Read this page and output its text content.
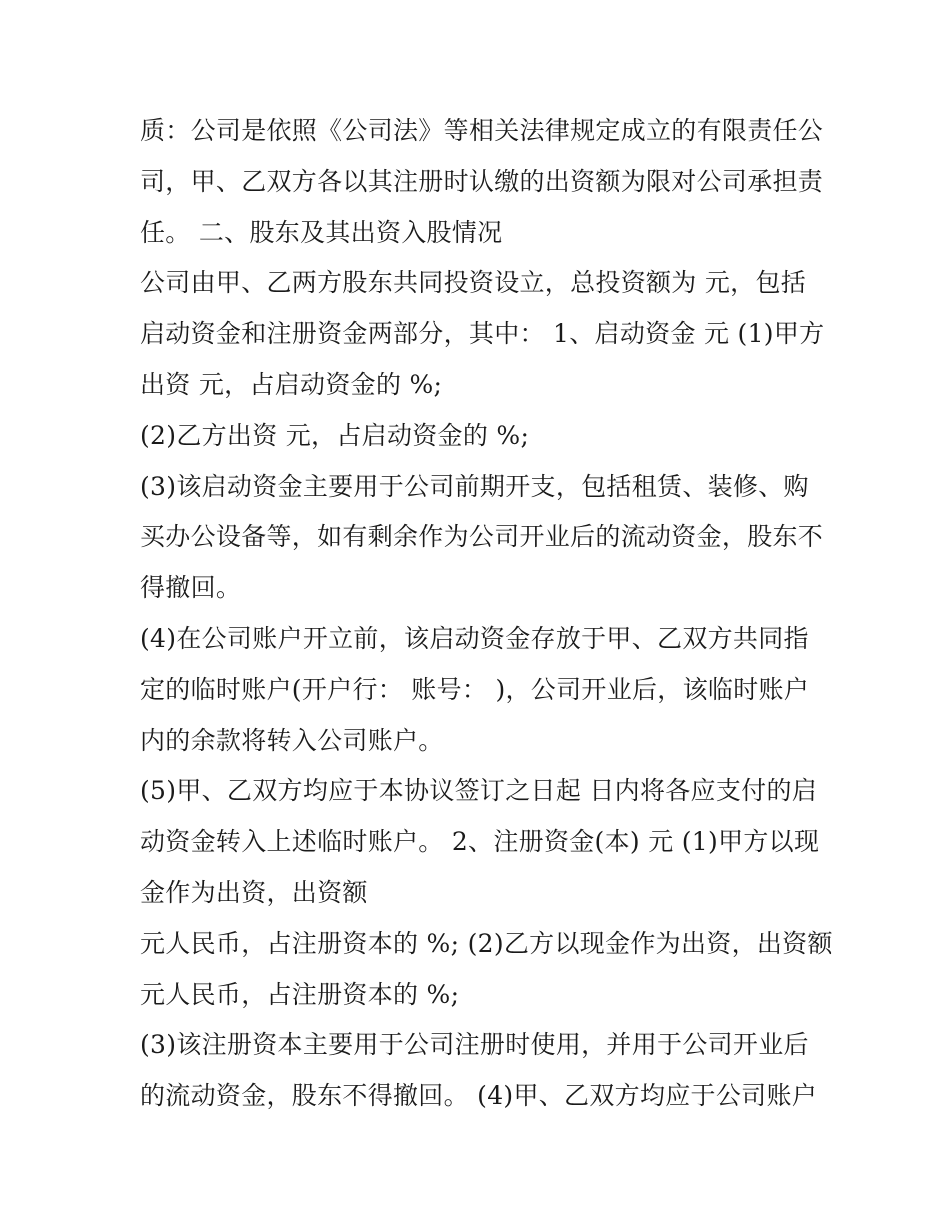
质：公司是依照《公司法》等相关法律规定成立的有限责任公
司，甲、乙双方各以其注册时认缴的出资额为限对公司承担责
任。 二、股东及其出资入股情况
公司由甲、乙两方股东共同投资设立，总投资额为 元，包括
启动资金和注册资金两部分，其中： 1、启动资金 元 (1)甲方
出资 元，占启动资金的 %;
(2)乙方出资 元，占启动资金的 %;
(3)该启动资金主要用于公司前期开支，包括租赁、装修、购
买办公设备等，如有剩余作为公司开业后的流动资金，股东不
得撤回。
(4)在公司账户开立前，该启动资金存放于甲、乙双方共同指
定的临时账户(开户行： 账号： )，公司开业后，该临时账户
内的余款将转入公司账户。
(5)甲、乙双方均应于本协议签订之日起 日内将各应支付的启
动资金转入上述临时账户。 2、注册资金(本) 元 (1)甲方以现
金作为出资，出资额
元人民币，占注册资本的 %; (2)乙方以现金作为出资，出资额
元人民币，占注册资本的 %;
(3)该注册资本主要用于公司注册时使用，并用于公司开业后
的流动资金，股东不得撤回。 (4)甲、乙双方均应于公司账户
